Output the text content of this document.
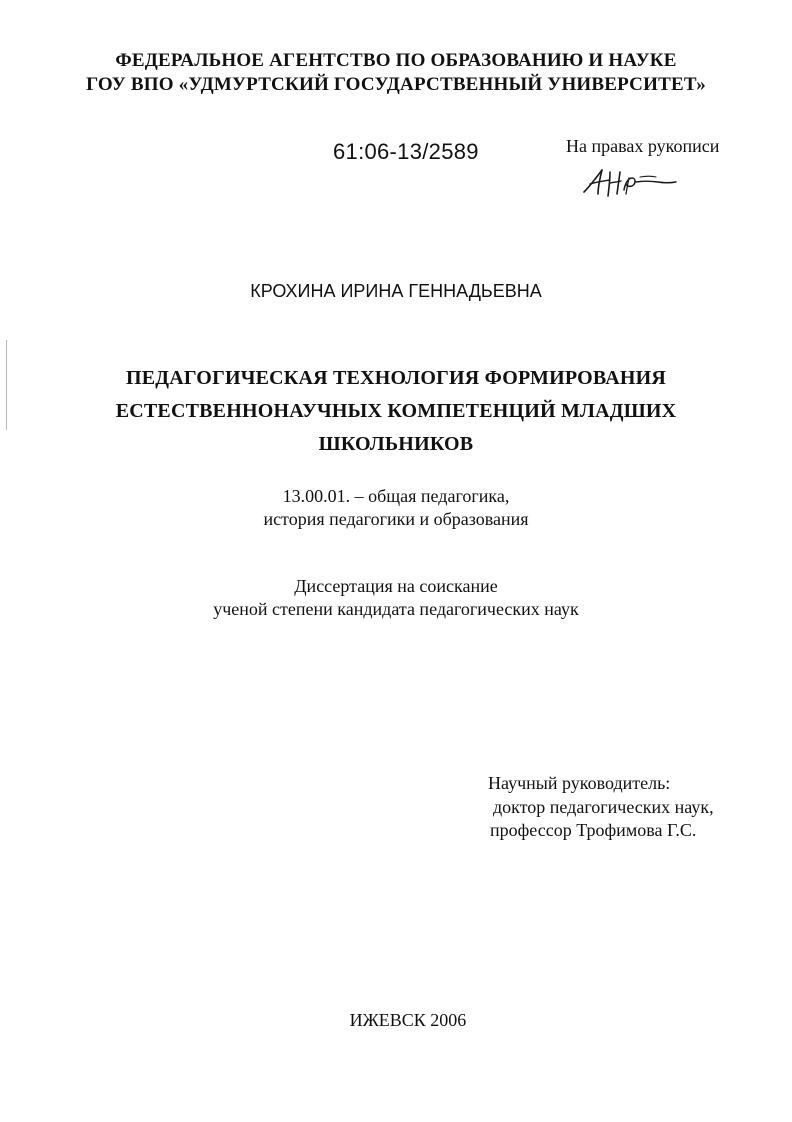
ФЕДЕРАЛЬНОЕ АГЕНТСТВО ПО ОБРАЗОВАНИЮ И НАУКЕ
ГОУ ВПО «УДМУРТСКИЙ ГОСУДАРСТВЕННЫЙ УНИВЕРСИТЕТ»
61:06-13/2589	На правах рукописи
КРОХИНА ИРИНА ГЕННАДЬЕВНА
ПЕДАГОГИЧЕСКАЯ ТЕХНОЛОГИЯ ФОРМИРОВАНИЯ
ЕСТЕСТВЕННОНАУЧНЫХ КОМПЕТЕНЦИЙ МЛАДШИХ
ШКОЛЬНИКОВ
13.00.01. – общая педагогика,
история педагогики и образования
Диссертация на соискание
ученой степени кандидата педагогических наук
Научный руководитель:
доктор педагогических наук,
профессор Трофимова Г.С.
ИЖЕВСК 2006
